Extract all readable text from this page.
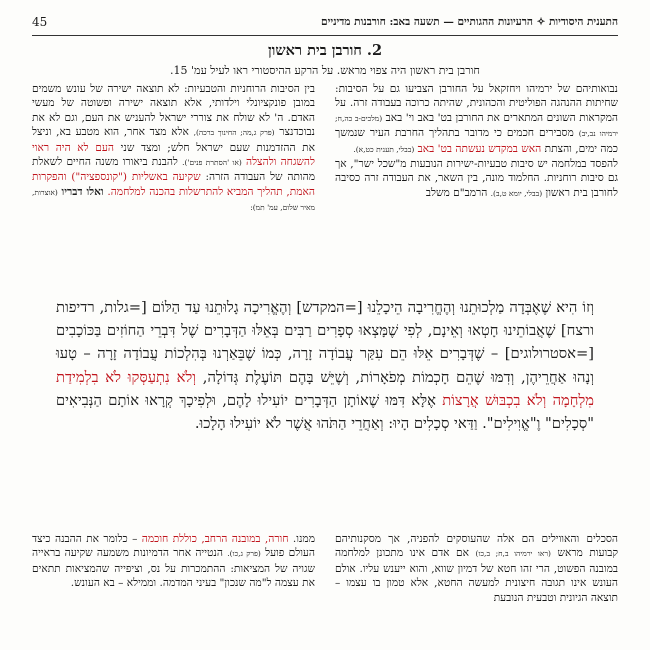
התענית היסודיות ✧ הרעיונות ההגותיים — תשעה באב: חורבנות מדיניים
45
2. חורבן בית ראשון
חורבן בית ראשון היה צפוי מראש. על הרקע ההיסטורי ראו לעיל עמ' 15.

נבואותיהם של ירמיהו ויחזקאל על החורבן הצביעו גם על הסיבות: שחיתות ההנהגה הפוליטית והכהונית, שהיתה כרוכה בעבודה זרה. על המקראות השונים המתארים את החורבן בט' באב וי' באב (מלכים-ב כה,ח; ירמיהו נב,יב) מסבירים חכמים כי מדובר בתהליך החרבת העיר שנמשך כמה ימים, והצתת האש במקדש נעשתה בט' באב (בבלי, תענית כט,א).

להפסד במלחמה יש סיבות טבעיות-ישירות הנובעות מ"שכל ישר", אך גם סיבות רוחניות. החלמוד מונה, בין השאר, את העבודה זרה כסיבה לחורבן בית ראשון (בבלי, יומא ט,ב). הרמב"ם משלב

בין הסיבות הרוחניות והטבעיות: לא תוצאה ישירה של עונש משמים במובן פונקציונלי וילדותי, אלא תוצאה ישירה ופשוטה של מעשי האדם. ה' לא שולח את צוררי ישראל להעניש את העם, וגם לא את נבוכדנצר (פרק ג,מה; החינוך ברכה), אלא מצד אחר, הוא מטבע בא, וניצל את ההזדמנות שעם ישראל חלש; ומצד שני העם לא היה ראוי להשגחה ולהצלה (או 'הסתרת פנים'). להבנת ביאורו משנה החיים לשאלת מהותה של העבודה הזרה: שקיעה באשליות ("קונספציה") והפקרות האמת, תהליך המביא להתרשלות בהכנה למלחמה. ואלו דבריו (אוצרות, מאיר שלום, עמ' תמ):

וְזוֹ הִיא שֶׁאֶבְּדָה מַלְכוּתֵנוּ וְהֶחֱרִיבָה הֵיכָלֵנוּ [=המקדש] וְהֶאֱרִיכָה גָלוּתֵנוּ עַד הַלּוֹם [=גלות, רדיפות ורצח] שֶׁאֲבוֹתֵינוּ חָטְאוּ וְאֵינָם, לְפִי שֶׁמָּצְאוּ סְפָרִים רַבִּים בְּאֵלּוּ הַדְּבָרִים שֶׁל דִּבְרֵי הַחוֹזִים בַּכּוֹכָבִים [=אסטרולוגים] – שֶׁדְּבָרִים אֵלּוּ הֵם עִקַּר עֲבוֹדָה זָרָה, כְּמוֹ שֶׁבֵּאַרְנוּ בְּהִלְכוֹת עֲבוֹדָה זָרָה – טָעוּ וְנָהוּ אַחֲרֵיהֶן, וְדִמּוּ שֶׁהֵם חָכְמוֹת מְפֹאָרוֹת, וְשֶׁיֵּשׁ בָּהֶם תּוֹעֶלֶת גְּדוֹלָה, וְלֹא נִתְעַסְּקוּ לֹא בִלְמִידַת מִלְחָמָה וְלֹא בִכְבּוּשׁ אֲרָצוֹת אֶלָּא דִּמּוּ שֶׁאוֹתָן הַדְּבָרִים יוֹעִילוּ לָהֶם, וּלְפִיכָךְ קְרָאוּ אוֹתָם הַנְּבִיאִים "סְכָלִים" וֶ"אֱוִילִים". וַדַּאי סְכָלִים הָיוּ: וְאַחֲרֵי הַתֹּהוּ אֲשֶׁר לֹא יוֹעִילוּ הָלָכוּ.

הסכלים והאווילים הם אלה שהעוסקים להפניה, אך מסקנותיהם קבועות מראש (ראו ירמיהו ב,ח; ב,כו) אם אדם אינו מתכונן למלחמה במובנה הפשוט, הרי זהו חטא של דמיון שווא, והוא ייענש עליו. אולם העונש אינו תגובה חיצונית למעשה החטא, אלא טמון בו עצמו – תוצאה הגיונית וטבעית הנובעת

ממנו. חורה, במובנה הרחב, כוללת חוכמה – כלומר את ההבנה כיצד העולם פועל (פרק ג,כו). הנטייה אחר הדמיונות משמעה שקיעה בראייה שגויה של המציאות: ההתמכרות על נס, וציפייה שהמציאות תתאים את עצמה ל"מה שנכון" בעיני המדמה. וממילא – בא העונש.
